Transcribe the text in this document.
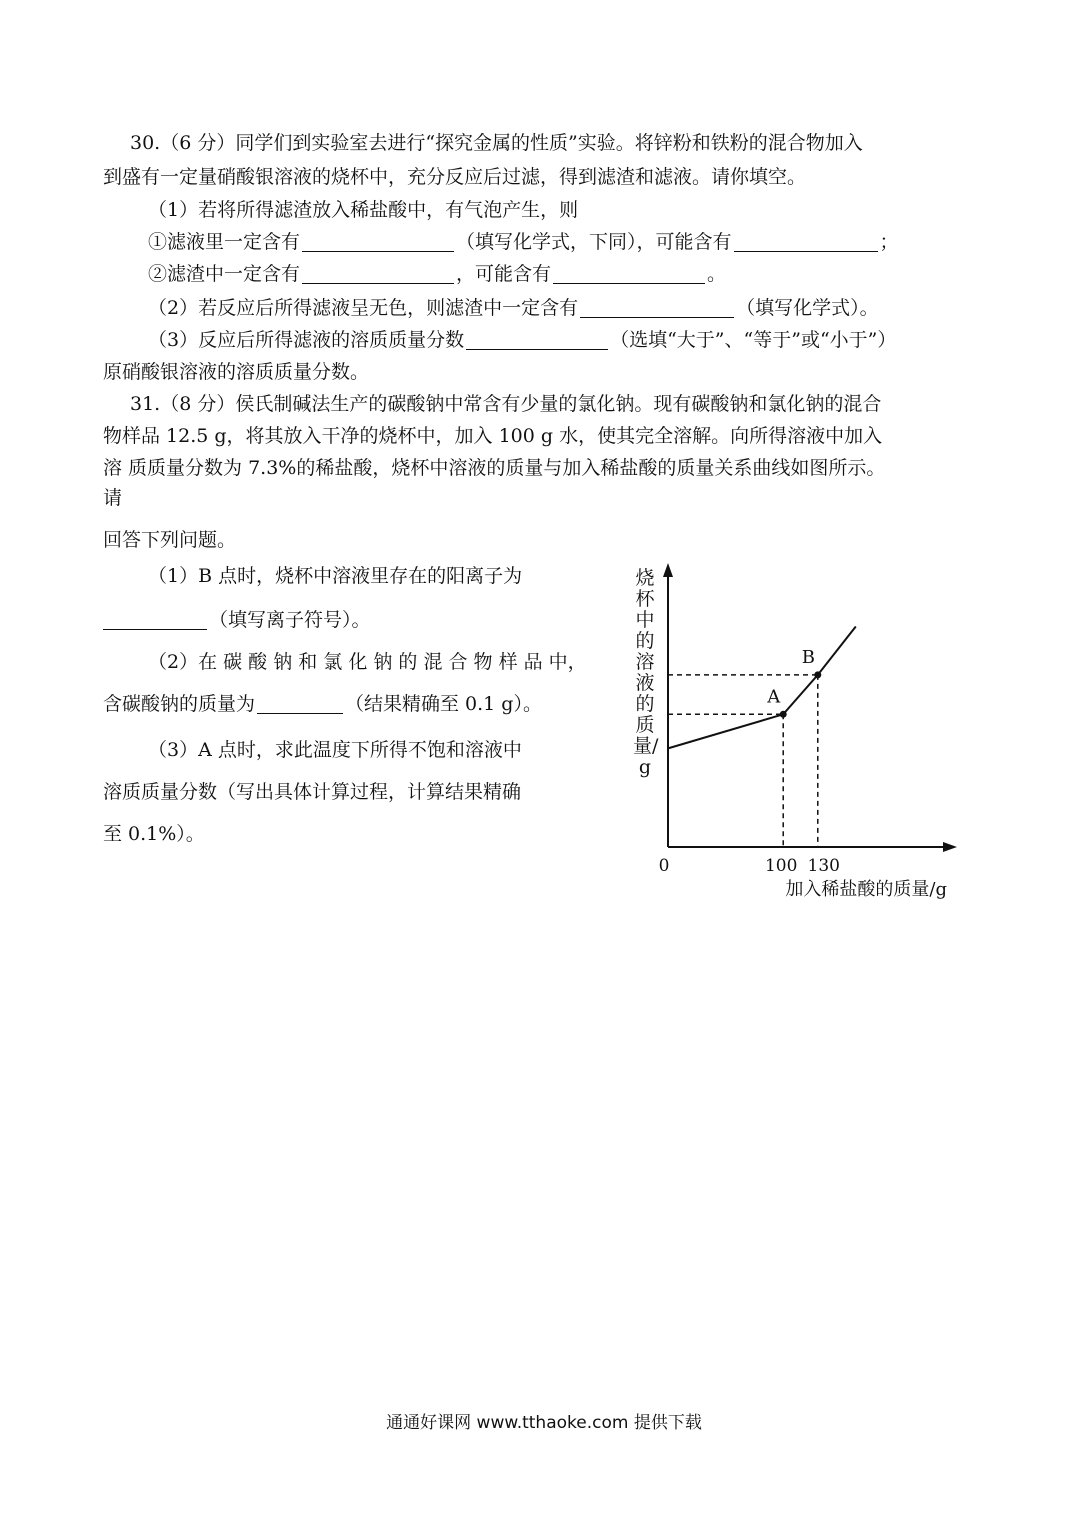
30.（6 分）同学们到实验室去进行“探究金属的性质”实验。将锌粉和铁粉的混合物加入
到盛有一定量硝酸银溶液的烧杯中，充分反应后过滤，得到滤渣和滤液。请你填空。
（1）若将所得滤渣放入稀盐酸中，有气泡产生，则
①滤液里一定含有	（填写化学式，下同），可能含有	；
②滤渣中一定含有	，可能含有	。
（2）若反应后所得滤液呈无色，则滤渣中一定含有	（填写化学式）。
（3）反应后所得滤液的溶质质量分数	（选填“大于”、“等于”或“小于”）
原硝酸银溶液的溶质质量分数。
31.（8 分）侯氏制碱法生产的碳酸钠中常含有少量的氯化钠。现有碳酸钠和氯化钠的混合
物样品 12.5 g，将其放入干净的烧杯中，加入 100 g 水，使其完全溶解。向所得溶液中加入
溶 质质量分数为 7.3%的稀盐酸，烧杯中溶液的质量与加入稀盐酸的质量关系曲线如图所示。
请
回答下列问题。
（1）B 点时，烧杯中溶液里存在的阳离子为
（填写离子符号）。
（2）在 碳 酸 钠 和 氯 化 钠 的 混 合 物 样 品 中，
含碳酸钠的质量为	（结果精确至 0.1 g）。
（3）A 点时，求此温度下所得不饱和溶液中
溶质质量分数（写出具体计算过程，计算结果精确
至 0.1%）。
烧杯中的溶液的质量/g
A
B
0	100 130
加入稀盐酸的质量/g
通通好课网 www.tthaoke.com 提供下载
